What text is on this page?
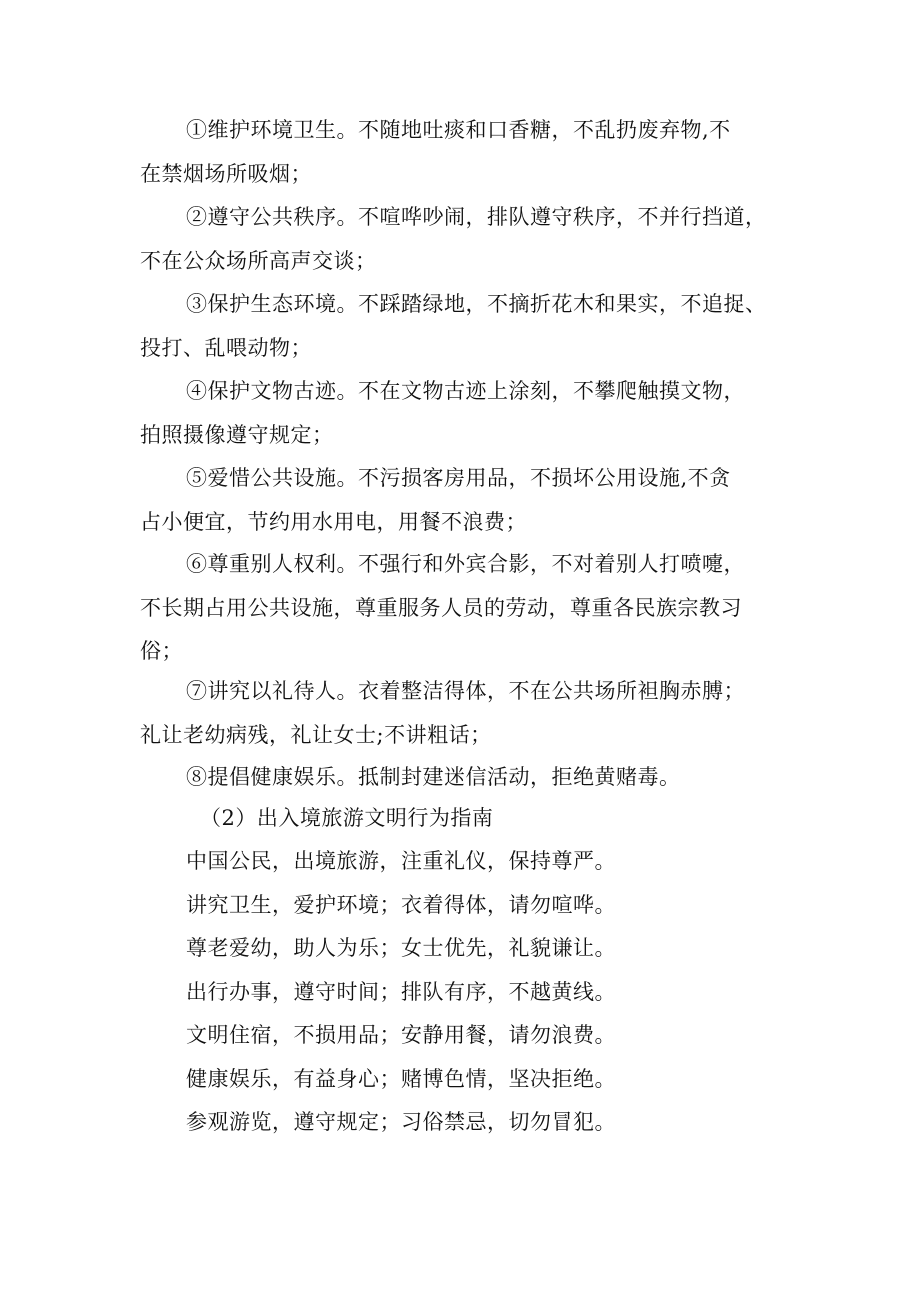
①维护环境卫生。不随地吐痰和口香糖，不乱扔废弃物,不
在禁烟场所吸烟；
②遵守公共秩序。不喧哗吵闹，排队遵守秩序，不并行挡道，
不在公众场所高声交谈；
③保护生态环境。不踩踏绿地，不摘折花木和果实，不追捉、
投打、乱喂动物；
④保护文物古迹。不在文物古迹上涂刻，不攀爬触摸文物，
拍照摄像遵守规定；
⑤爱惜公共设施。不污损客房用品，不损坏公用设施,不贪
占小便宜，节约用水用电，用餐不浪费；
⑥尊重别人权利。不强行和外宾合影，不对着别人打喷嚏，
不长期占用公共设施，尊重服务人员的劳动，尊重各民族宗教习
俗；
⑦讲究以礼待人。衣着整洁得体，不在公共场所袒胸赤膊；
礼让老幼病残，礼让女士;不讲粗话；
⑧提倡健康娱乐。抵制封建迷信活动，拒绝黄赌毒。
（2）出入境旅游文明行为指南
中国公民，出境旅游，注重礼仪，保持尊严。
讲究卫生，爱护环境；衣着得体，请勿喧哗。
尊老爱幼，助人为乐；女士优先，礼貌谦让。
出行办事，遵守时间；排队有序，不越黄线。
文明住宿，不损用品；安静用餐，请勿浪费。
健康娱乐，有益身心；赌博色情，坚决拒绝。
参观游览，遵守规定；习俗禁忌，切勿冒犯。
